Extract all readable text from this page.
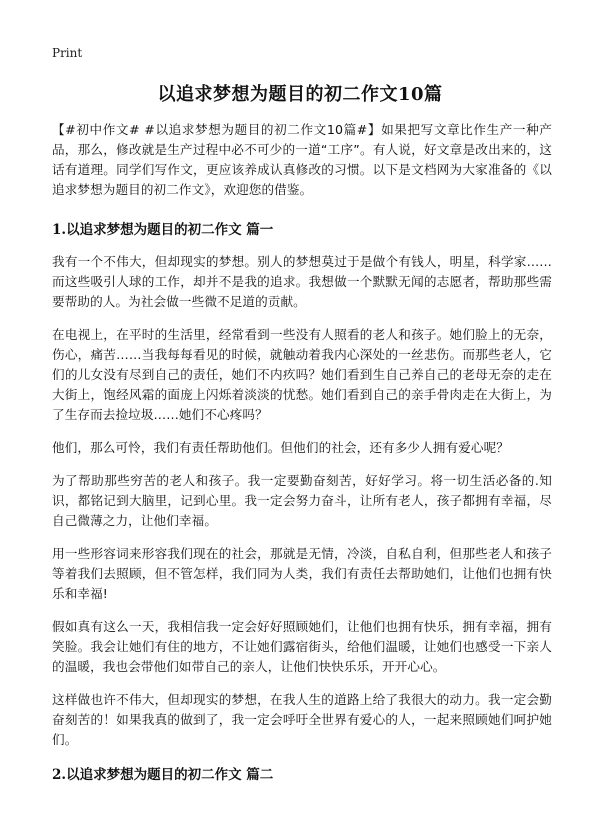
Print
以追求梦想为题目的初二作文10篇

【#初中作文# #以追求梦想为题目的初二作文10篇#】如果把写文章比作生产一种产品，那么，修改就是生产过程中必不可少的一道“工序”。有人说，好文章是改出来的，这话有道理。同学们写作文，更应该养成认真修改的习惯。以下是文档网为大家准备的《以追求梦想为题目的初二作文》，欢迎您的借鉴。

1.以追求梦想为题目的初二作文 篇一

我有一个不伟大，但却现实的梦想。别人的梦想莫过于是做个有钱人，明星，科学家……而这些吸引人球的工作，却并不是我的追求。我想做一个默默无闻的志愿者，帮助那些需要帮助的人。为社会做一些微不足道的贡献。

在电视上，在平时的生活里，经常看到一些没有人照看的老人和孩子。她们脸上的无奈，伤心，痛苦……当我每每看见的时候，就触动着我内心深处的一丝悲伤。而那些老人，它们的儿女没有尽到自己的责任，她们不内疚吗？她们看到生自己养自己的老母无奈的走在大街上，饱经风霜的面庞上闪烁着淡淡的忧愁。她们看到自己的亲手骨肉走在大街上，为了生存而去捡垃圾……她们不心疼吗？

他们，那么可怜，我们有责任帮助他们。但他们的社会，还有多少人拥有爱心呢？

为了帮助那些穷苦的老人和孩子。我一定要勤奋刻苦，好好学习。将一切生活必备的.知识，都铭记到大脑里，记到心里。我一定会努力奋斗，让所有老人，孩子都拥有幸福，尽自己微薄之力，让他们幸福。

用一些形容词来形容我们现在的社会，那就是无情，冷淡，自私自利，但那些老人和孩子等着我们去照顾，但不管怎样，我们同为人类，我们有责任去帮助她们，让他们也拥有快乐和幸福!

假如真有这么一天，我相信我一定会好好照顾她们，让他们也拥有快乐，拥有幸福，拥有笑脸。我会让她们有住的地方，不让她们露宿街头，给他们温暖，让她们也感受一下亲人的温暖，我也会带他们如带自己的亲人，让他们快快乐乐，开开心心。

这样做也许不伟大，但却现实的梦想，在我人生的道路上给了我很大的动力。我一定会勤奋刻苦的！如果我真的做到了，我一定会呼吁全世界有爱心的人，一起来照顾她们呵护她们。

2.以追求梦想为题目的初二作文 篇二
